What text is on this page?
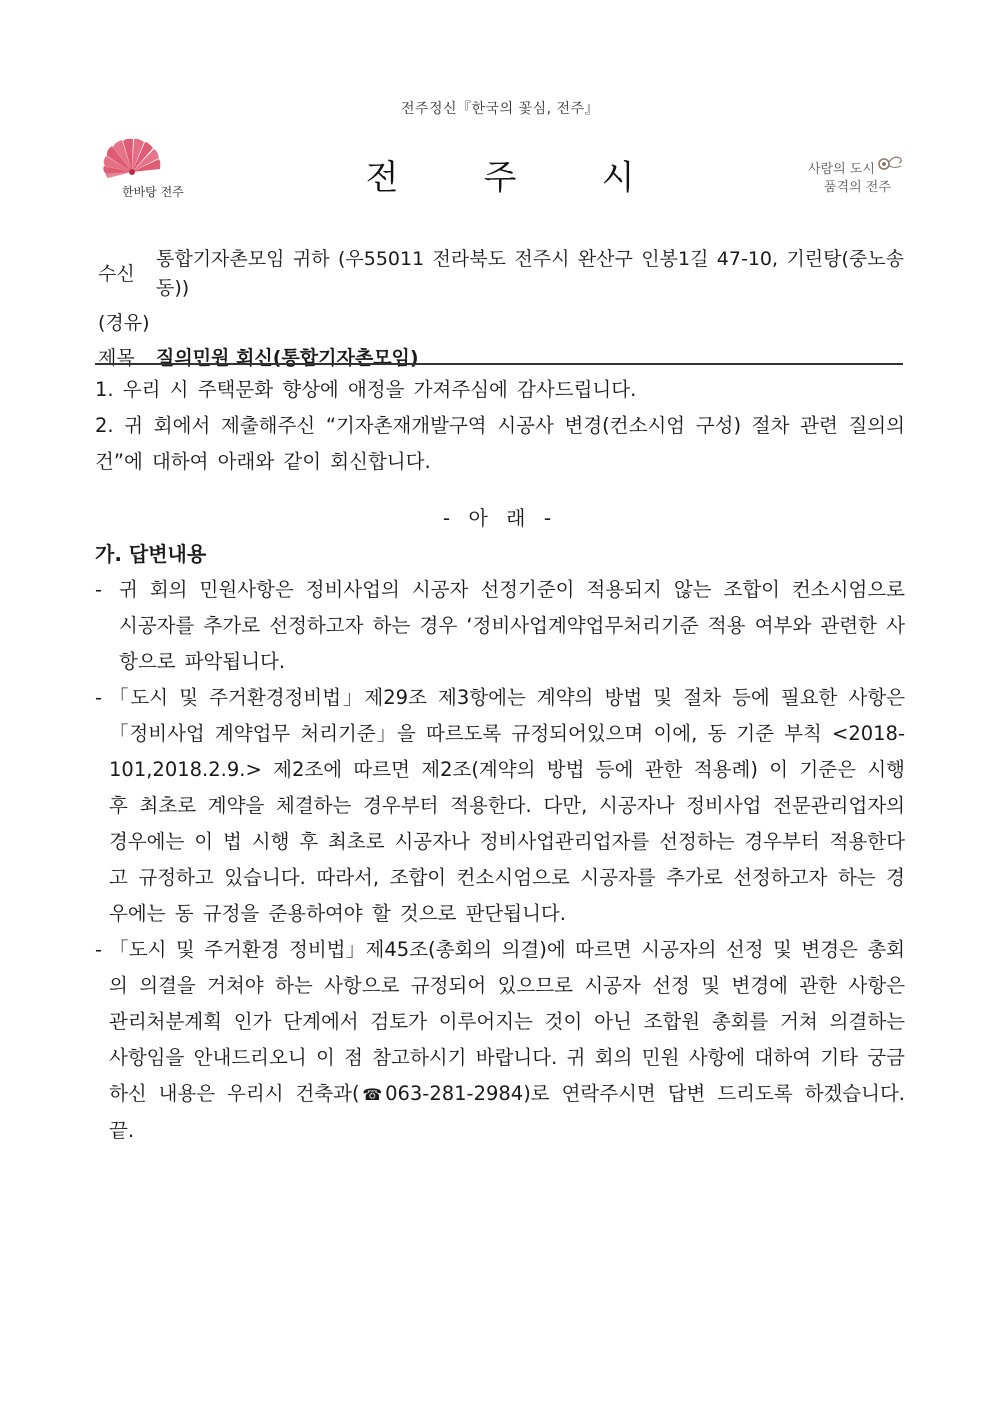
전주정신『한국의 꽃심, 전주』
한바탕 전주	전	주	시	사람의 도시
품격의 전주
수신
통합기자촌모임 귀하 (우55011 전라북도 전주시 완산구 인봉1길 47-10, 기린탕(중노송동))
(경유)
제목	질의민원 회신(통합기자촌모임)
1. 우리 시 주택문화 향상에 애정을 가져주심에 감사드립니다.
2. 귀 회에서 제출해주신 “기자촌재개발구역 시공사 변경(컨소시엄 구성) 절차 관련 질의의 건”에 대하여 아래와 같이 회신합니다.
- 아 래 -
가. 답변내용
- 귀 회의 민원사항은 정비사업의 시공자 선정기준이 적용되지 않는 조합이 컨소시엄으로 시공자를 추가로 선정하고자 하는 경우 ‘정비사업계약업무처리기준 적용 여부와 관련한 사항으로 파악됩니다.
- 「도시 및 주거환경정비법」제29조 제3항에는 계약의 방법 및 절차 등에 필요한 사항은「정비사업 계약업무 처리기준」을 따르도록 규정되어있으며 이에, 동 기준 부칙 <2018-101,2018.2.9.> 제2조에 따르면 제2조(계약의 방법 등에 관한 적용례) 이 기준은 시행 후 최초로 계약을 체결하는 경우부터 적용한다. 다만, 시공자나 정비사업 전문관리업자의 경우에는 이 법 시행 후 최초로 시공자나 정비사업관리업자를 선정하는 경우부터 적용한다고 규정하고 있습니다. 따라서, 조합이 컨소시엄으로 시공자를 추가로 선정하고자 하는 경우에는 동 규정을 준용하여야 할 것으로 판단됩니다.
- 「도시 및 주거환경 정비법」제45조(총회의 의결)에 따르면 시공자의 선정 및 변경은 총회의 의결을 거쳐야 하는 사항으로 규정되어 있으므로 시공자 선정 및 변경에 관한 사항은 관리처분계획 인가 단계에서 검토가 이루어지는 것이 아닌 조합원 총회를 거쳐 의결하는 사항임을 안내드리오니 이 점 참고하시기 바랍니다. 귀 회의 민원 사항에 대하여 기타 궁금하신 내용은 우리시 건축과(☎063-281-2984)로 연락주시면 답변 드리도록 하겠습니다. 끝.
